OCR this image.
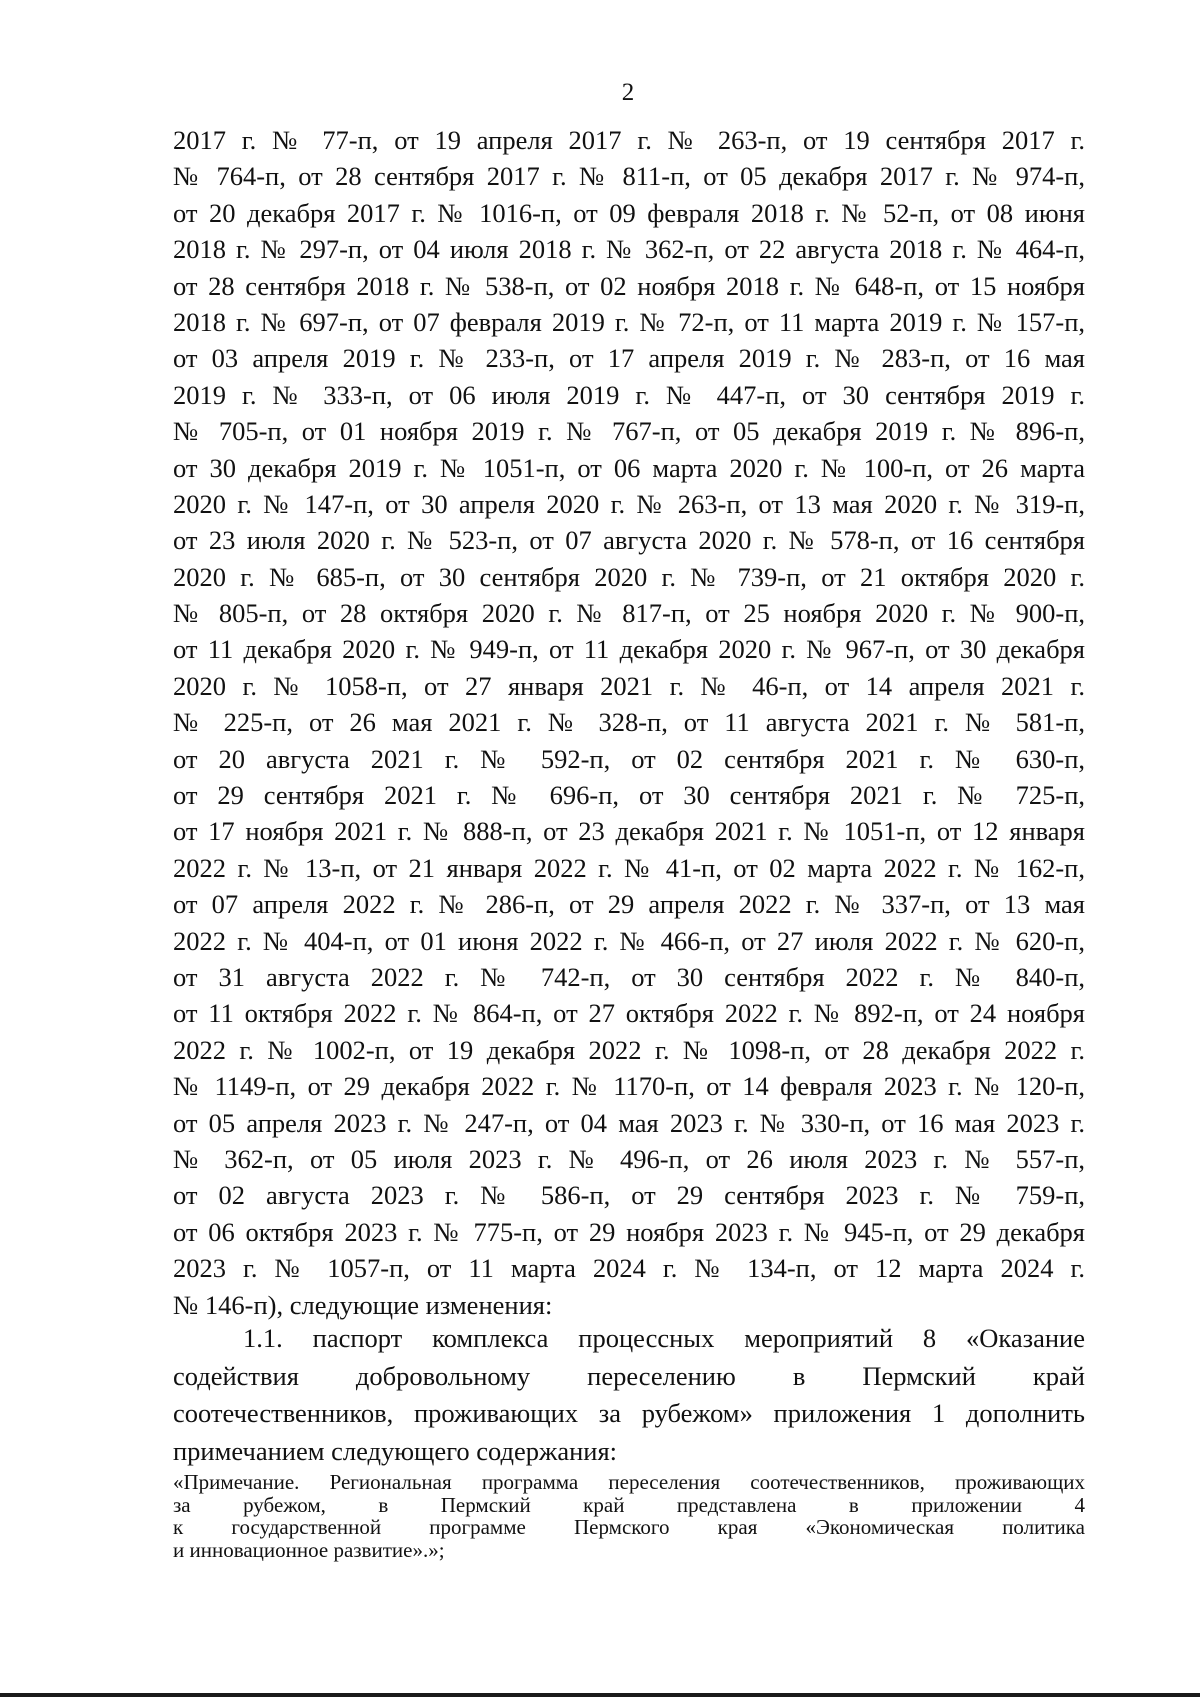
2
2017 г. № 77-п, от 19 апреля 2017 г. № 263-п, от 19 сентября 2017 г.
№ 764-п, от 28 сентября 2017 г. № 811-п, от 05 декабря 2017 г. № 974-п,
от 20 декабря 2017 г. № 1016-п, от 09 февраля 2018 г. № 52-п, от 08 июня
2018 г. № 297-п, от 04 июля 2018 г. № 362-п, от 22 августа 2018 г. № 464-п,
от 28 сентября 2018 г. № 538-п, от 02 ноября 2018 г. № 648-п, от 15 ноября
2018 г. № 697-п, от 07 февраля 2019 г. № 72-п, от 11 марта 2019 г. № 157-п,
от 03 апреля 2019 г. № 233-п, от 17 апреля 2019 г. № 283-п, от 16 мая
2019 г. № 333-п, от 06 июля 2019 г. № 447-п, от 30 сентября 2019 г.
№ 705-п, от 01 ноября 2019 г. № 767-п, от 05 декабря 2019 г. № 896-п,
от 30 декабря 2019 г. № 1051-п, от 06 марта 2020 г. № 100-п, от 26 марта
2020 г. № 147-п, от 30 апреля 2020 г. № 263-п, от 13 мая 2020 г. № 319-п,
от 23 июля 2020 г. № 523-п, от 07 августа 2020 г. № 578-п, от 16 сентября
2020 г. № 685-п, от 30 сентября 2020 г. № 739-п, от 21 октября 2020 г.
№ 805-п, от 28 октября 2020 г. № 817-п, от 25 ноября 2020 г. № 900-п,
от 11 декабря 2020 г. № 949-п, от 11 декабря 2020 г. № 967-п, от 30 декабря
2020 г. № 1058-п, от 27 января 2021 г. № 46-п, от 14 апреля 2021 г.
№ 225-п, от 26 мая 2021 г. № 328-п, от 11 августа 2021 г. № 581-п,
от 20 августа 2021 г. № 592-п, от 02 сентября 2021 г. № 630-п,
от 29 сентября 2021 г. № 696-п, от 30 сентября 2021 г. № 725-п,
от 17 ноября 2021 г. № 888-п, от 23 декабря 2021 г. № 1051-п, от 12 января
2022 г. № 13-п, от 21 января 2022 г. № 41-п, от 02 марта 2022 г. № 162-п,
от 07 апреля 2022 г. № 286-п, от 29 апреля 2022 г. № 337-п, от 13 мая
2022 г. № 404-п, от 01 июня 2022 г. № 466-п, от 27 июля 2022 г. № 620-п,
от 31 августа 2022 г. № 742-п, от 30 сентября 2022 г. № 840-п,
от 11 октября 2022 г. № 864-п, от 27 октября 2022 г. № 892-п, от 24 ноября
2022 г. № 1002-п, от 19 декабря 2022 г. № 1098-п, от 28 декабря 2022 г.
№ 1149-п, от 29 декабря 2022 г. № 1170-п, от 14 февраля 2023 г. № 120-п,
от 05 апреля 2023 г. № 247-п, от 04 мая 2023 г. № 330-п, от 16 мая 2023 г.
№ 362-п, от 05 июля 2023 г. № 496-п, от 26 июля 2023 г. № 557-п,
от 02 августа 2023 г. № 586-п, от 29 сентября 2023 г. № 759-п,
от 06 октября 2023 г. № 775-п, от 29 ноября 2023 г. № 945-п, от 29 декабря
2023 г. № 1057-п, от 11 марта 2024 г. № 134-п, от 12 марта 2024 г.
№ 146-п), следующие изменения:
1.1. паспорт комплекса процессных мероприятий 8 «Оказание
содействия добровольному переселению в Пермский край
соотечественников, проживающих за рубежом» приложения 1 дополнить
примечанием следующего содержания:
«Примечание. Региональная программа переселения соотечественников, проживающих
за рубежом, в Пермский край представлена в приложении 4
к государственной программе Пермского края «Экономическая политика
и инновационное развитие».»;
